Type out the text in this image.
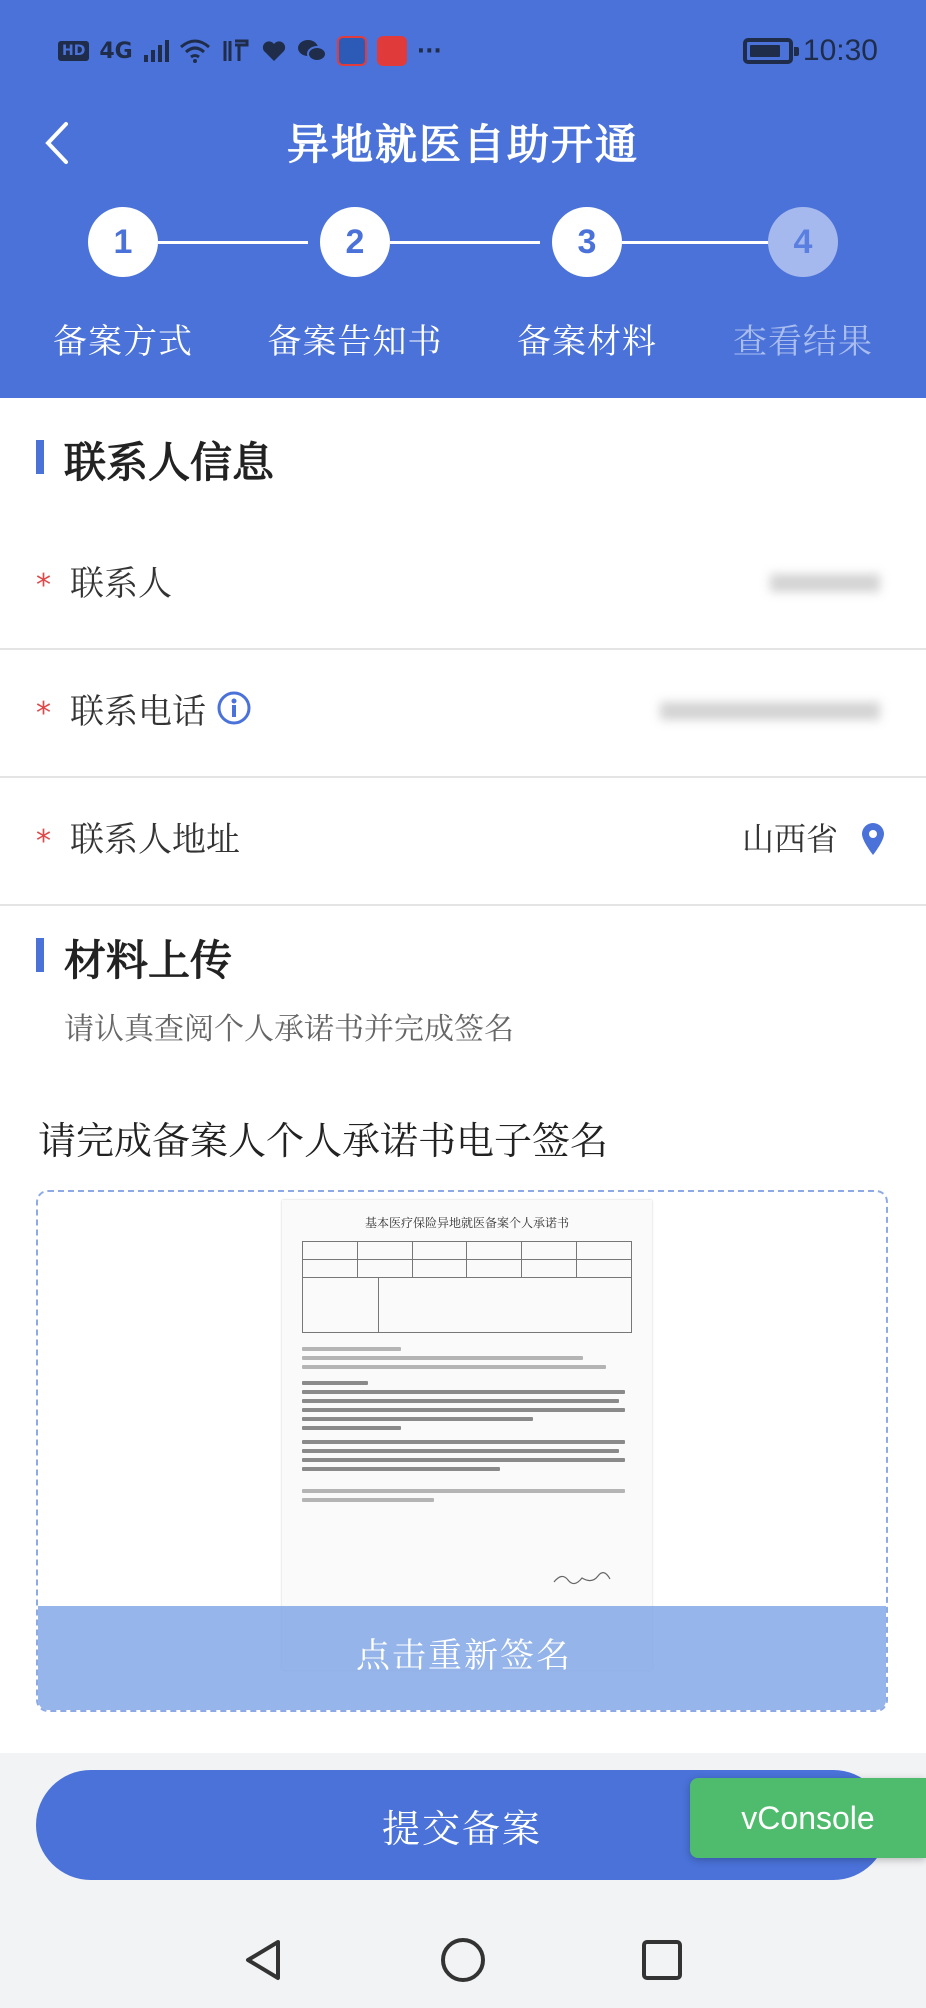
HD 4G	···	10:30
异地就医自助开通
1	2	3	4
备案方式	备案告知书	备案材料	查看结果
联系人信息
* 联系人
* 联系电话
* 联系人地址	山西省
材料上传
请认真查阅个人承诺书并完成签名
请完成备案人个人承诺书电子签名
基本医疗保险异地就医备案个人承诺书
点击重新签名
提交备案	vConsole
